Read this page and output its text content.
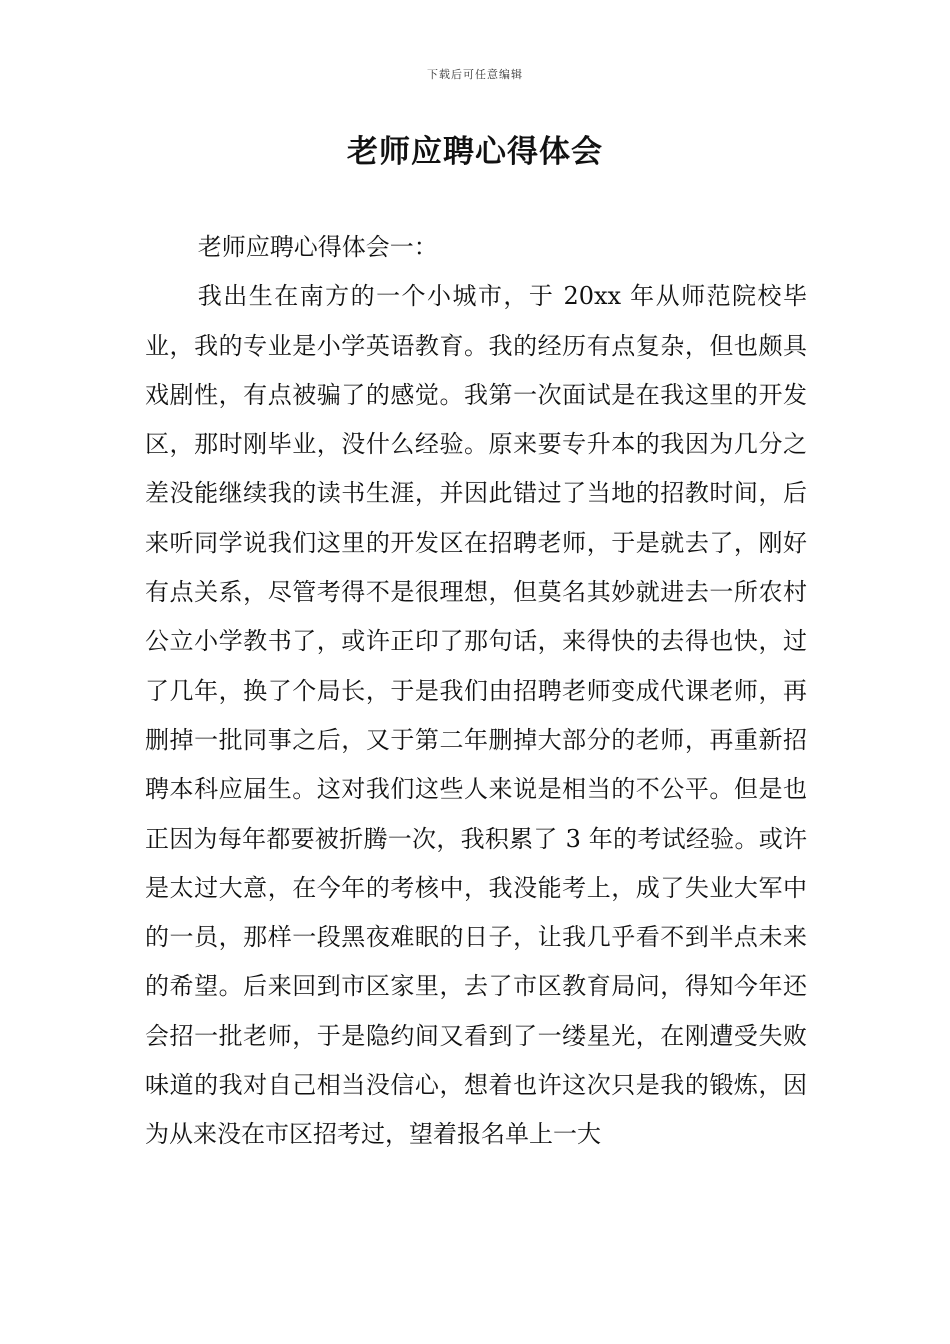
下载后可任意编辑
老师应聘心得体会

老师应聘心得体会一：

我出生在南方的一个小城市，于 20xx 年从师范院校毕业，我的专业是小学英语教育。我的经历有点复杂，但也颇具戏剧性，有点被骗了的感觉。我第一次面试是在我这里的开发区，那时刚毕业，没什么经验。原来要专升本的我因为几分之差没能继续我的读书生涯，并因此错过了当地的招教时间，后来听同学说我们这里的开发区在招聘老师，于是就去了，刚好有点关系，尽管考得不是很理想，但莫名其妙就进去一所农村公立小学教书了，或许正印了那句话，来得快的去得也快，过了几年，换了个局长，于是我们由招聘老师变成代课老师，再删掉一批同事之后，又于第二年删掉大部分的老师，再重新招聘本科应届生。这对我们这些人来说是相当的不公平。但是也正因为每年都要被折腾一次，我积累了 3 年的考试经验。或许是太过大意，在今年的考核中，我没能考上，成了失业大军中的一员，那样一段黑夜难眠的日子，让我几乎看不到半点未来的希望。后来回到市区家里，去了市区教育局问，得知今年还会招一批老师，于是隐约间又看到了一缕星光，在刚遭受失败味道的我对自己相当没信心，想着也许这次只是我的锻炼，因为从来没在市区招考过，望着报名单上一大
